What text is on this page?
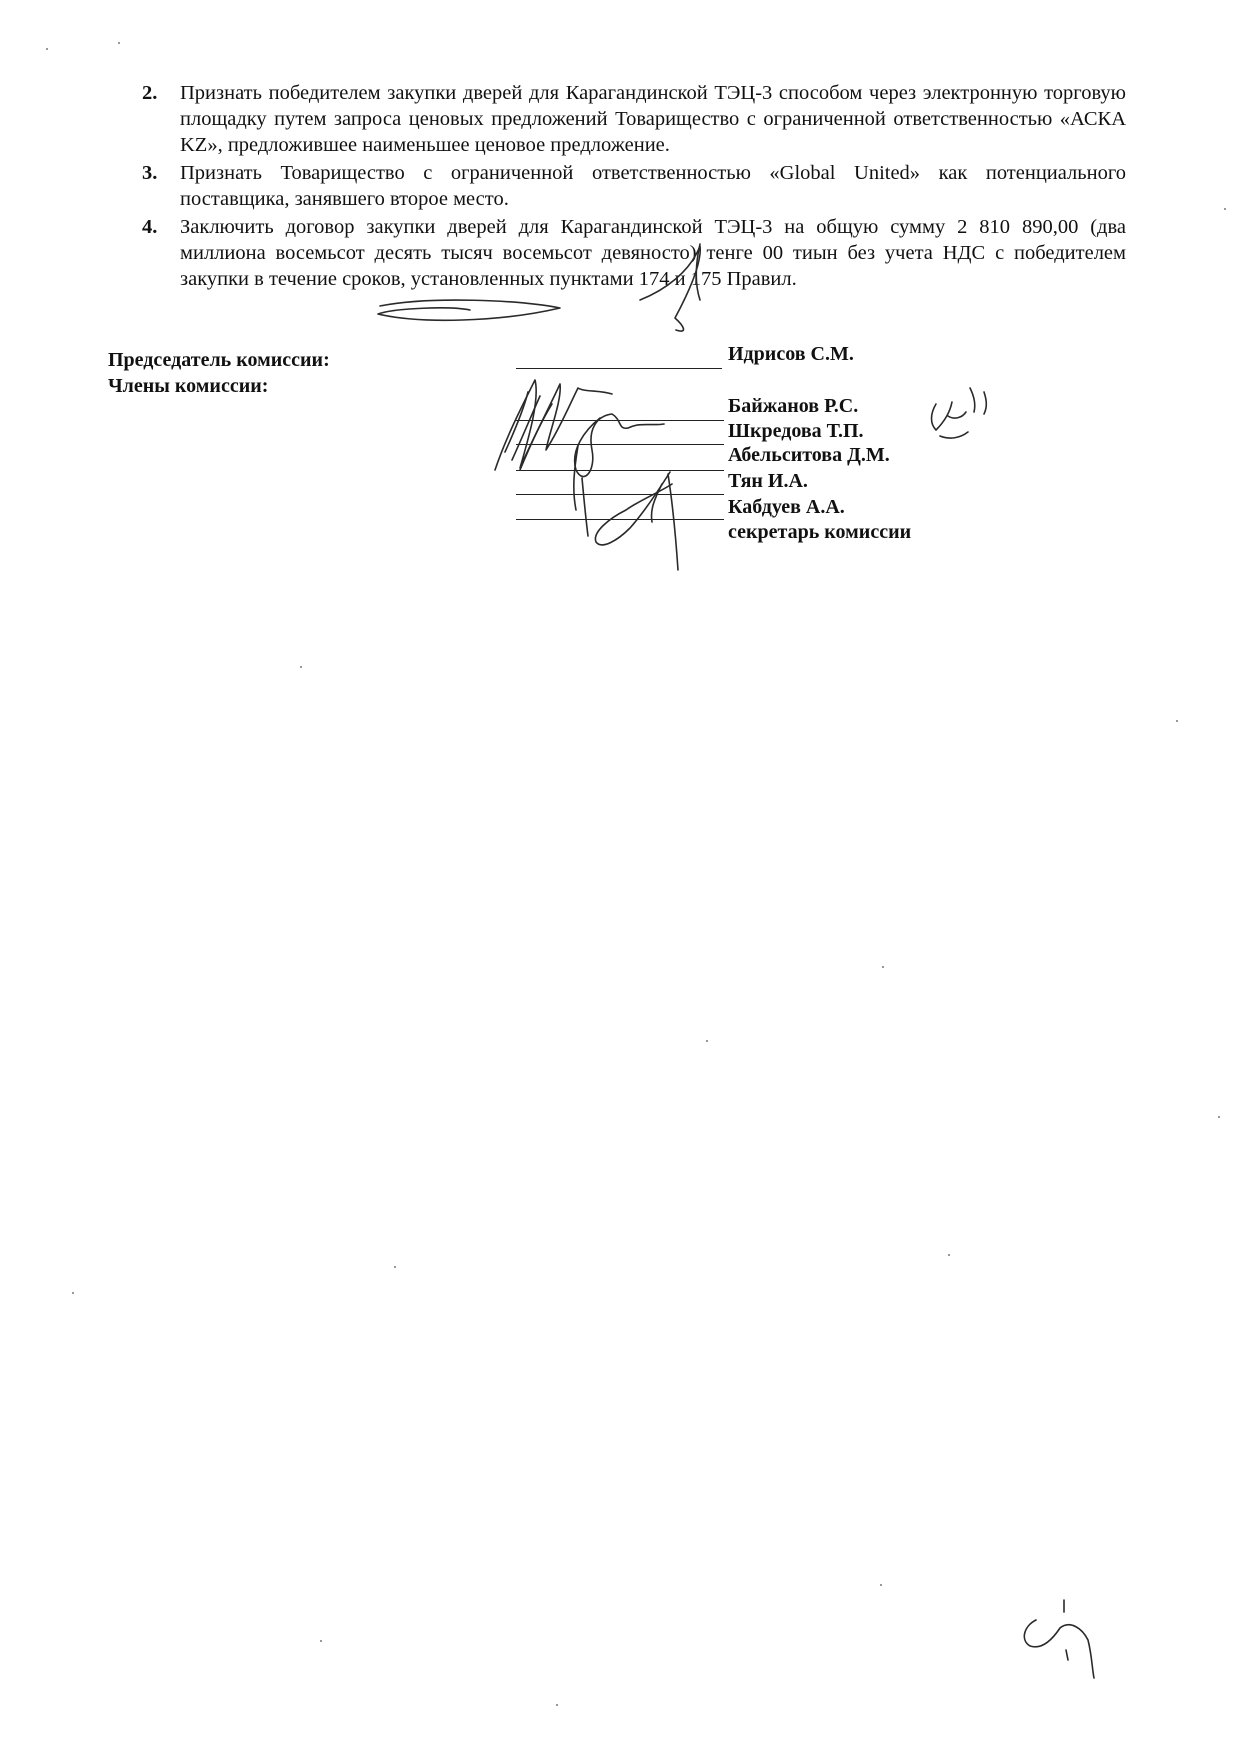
2. Признать победителем закупки дверей для Карагандинской ТЭЦ-3 способом через электронную торговую площадку путем запроса ценовых предложений Товарищество с ограниченной ответственностью «АСКА KZ», предложившее наименьшее ценовое предложение.
3. Признать Товарищество с ограниченной ответственностью «Global United» как потенциального поставщика, занявшего второе место.
4. Заключить договор закупки дверей для Карагандинской ТЭЦ-3 на общую сумму 2 810 890,00 (два миллиона восемьсот десять тысяч восемьсот девяносто) тенге 00 тиын без учета НДС с победителем закупки в течение сроков, установленных пунктами 174 и 175 Правил.
Председатель комиссии:
Члены комиссии:
Идрисов С.М.
Байжанов Р.С.
Шкредова Т.П.
Абельситова Д.М.
Тян И.А.
Кабдуев А.А.
секретарь комиссии
